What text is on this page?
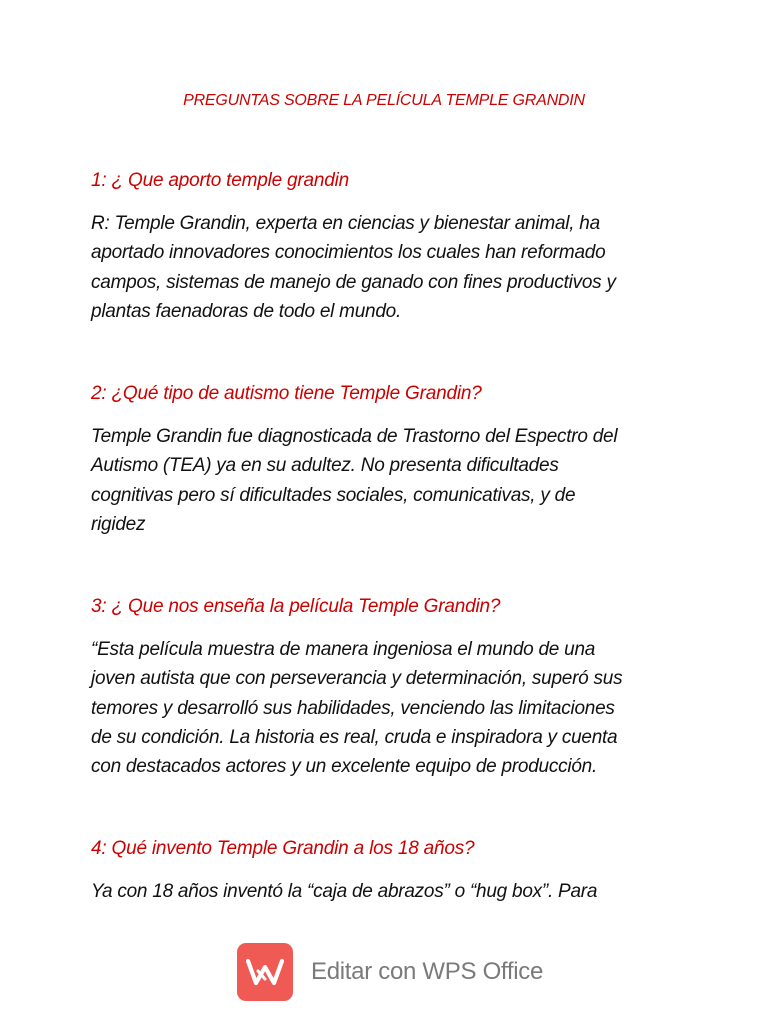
PREGUNTAS SOBRE LA PELÍCULA TEMPLE GRANDIN
1: ¿ Que aporto temple grandin
R: Temple Grandin, experta en ciencias y bienestar animal, ha
aportado innovadores conocimientos los cuales han reformado
campos, sistemas de manejo de ganado con fines productivos y
plantas faenadoras de todo el mundo.
2: ¿Qué tipo de autismo tiene Temple Grandin?
Temple Grandin fue diagnosticada de Trastorno del Espectro del
Autismo (TEA) ya en su adultez. No presenta dificultades
cognitivas pero sí dificultades sociales, comunicativas, y de
rigidez
3: ¿ Que nos enseña la película Temple Grandin?
“Esta película muestra de manera ingeniosa el mundo de una
joven autista que con perseverancia y determinación, superó sus
temores y desarrolló sus habilidades, venciendo las limitaciones
de su condición. La historia es real, cruda e inspiradora y cuenta
con destacados actores y un excelente equipo de producción.
4: Qué invento Temple Grandin a los 18 años?
Ya con 18 años inventó la “caja de abrazos” o “hug box”. Para
Editar con WPS Office
